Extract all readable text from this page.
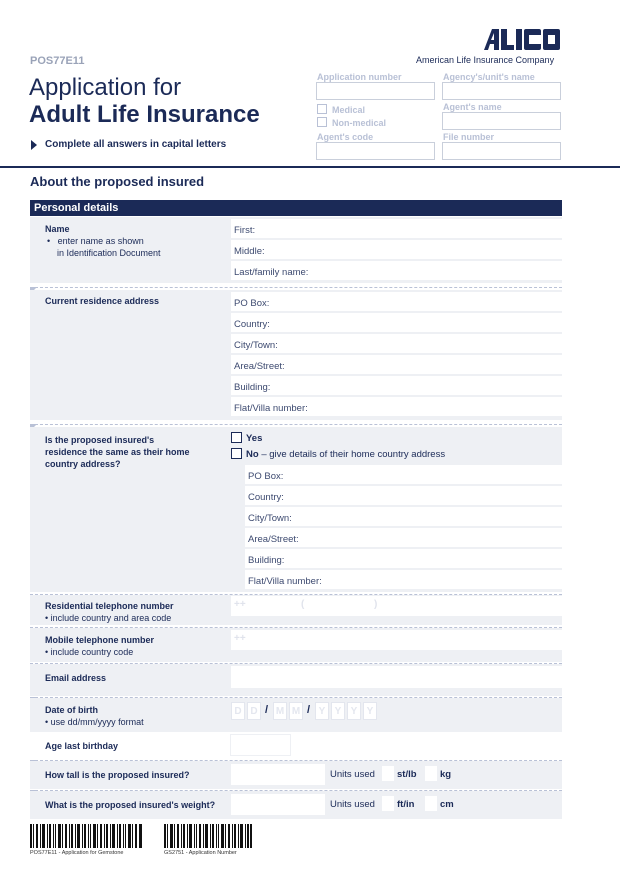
POS77E11
Application for
Adult Life Insurance
Complete all answers in capital letters
American Life Insurance Company
Application number	Agency's/unit's name
Medical
Non-medical
Agent's name
Agent's code	File number
About the proposed insured
Personal details
Name
•   enter name as shown
in Identification Document
First:
Middle:
Last/family name:
Current residence address	PO Box:
Country:
City/Town:
Area/Street:
Building:
Flat/Villa number:
Is the proposed insured's
residence the same as their home
country address?
Yes
No – give details of their home country address
PO Box:
Country:
City/Town:
Area/Street:
Building:
Flat/Villa number:
Residential telephone number
• include country and area code
++	(	)
Mobile telephone number
• include country code
++
Email address
Date of birth
• use dd/mm/yyyy format
D D / M M / Y Y Y Y
Age last birthday
How tall is the proposed insured?	Units used st/lb kg
What is the proposed insured's weight?	Units used ft/in	cm
POS77E11 - Application for Gemstone	GS2751 - Application Number
